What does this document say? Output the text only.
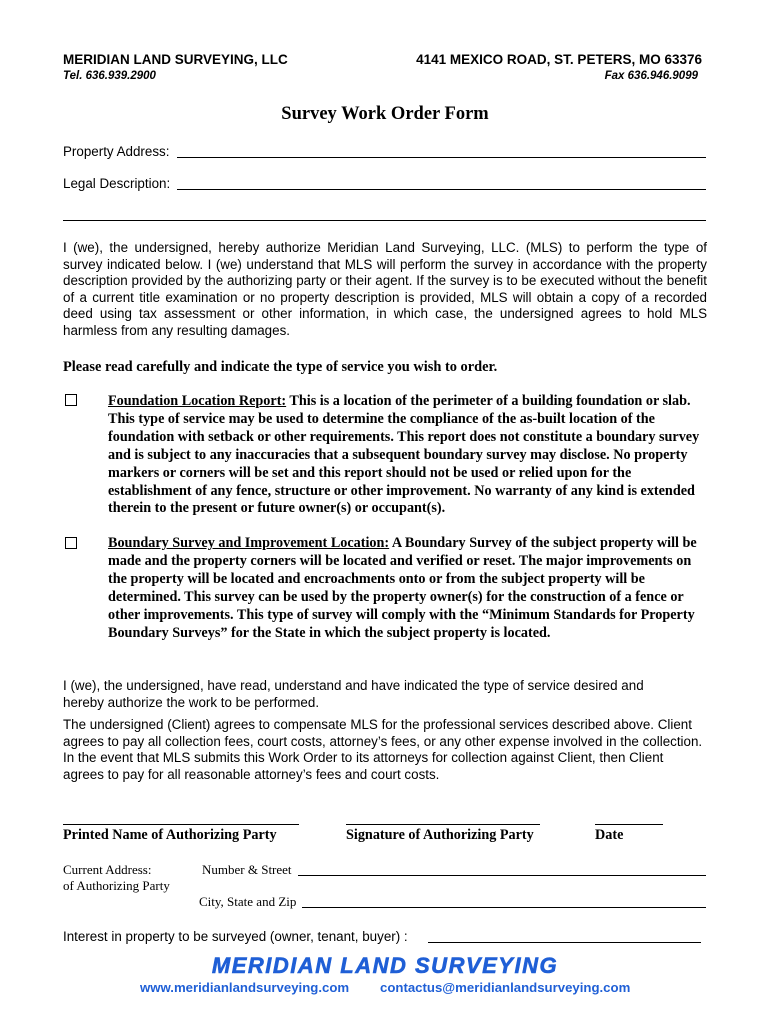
MERIDIAN LAND SURVEYING, LLC	4141 MEXICO ROAD, ST. PETERS, MO 63376
Tel. 636.939.2900	Fax 636.946.9099
Survey Work Order Form
Property Address:
Legal Description:
I (we), the undersigned, hereby authorize Meridian Land Surveying, LLC. (MLS) to perform the type of survey indicated below. I (we) understand that MLS will perform the survey in accordance with the property description provided by the authorizing party or their agent. If the survey is to be executed without the benefit of a current title examination or no property description is provided, MLS will obtain a copy of a recorded deed using tax assessment or other information, in which case, the undersigned agrees to hold MLS harmless from any resulting damages.
Please read carefully and indicate the type of service you wish to order.
Foundation Location Report: This is a location of the perimeter of a building foundation or slab. This type of service may be used to determine the compliance of the as-built location of the foundation with setback or other requirements. This report does not constitute a boundary survey and is subject to any inaccuracies that a subsequent boundary survey may disclose. No property markers or corners will be set and this report should not be used or relied upon for the establishment of any fence, structure or other improvement. No warranty of any kind is extended therein to the present or future owner(s) or occupant(s).
Boundary Survey and Improvement Location: A Boundary Survey of the subject property will be made and the property corners will be located and verified or reset. The major improvements on the property will be located and encroachments onto or from the subject property will be determined. This survey can be used by the property owner(s) for the construction of a fence or other improvements. This type of survey will comply with the “Minimum Standards for Property Boundary Surveys” for the State in which the subject property is located.
I (we), the undersigned, have read, understand and have indicated the type of service desired and hereby authorize the work to be performed.
The undersigned (Client) agrees to compensate MLS for the professional services described above. Client agrees to pay all collection fees, court costs, attorney’s fees, or any other expense involved in the collection. In the event that MLS submits this Work Order to its attorneys for collection against Client, then Client agrees to pay for all reasonable attorney’s fees and court costs.
Printed Name of Authorizing Party	Signature of Authorizing Party	Date
Current Address:
of Authorizing Party
Number & Street
City, State and Zip
Interest in property to be surveyed (owner, tenant, buyer) :
MERIDIAN LAND SURVEYING
www.meridianlandsurveying.com contactus@meridianlandsurveying.com
